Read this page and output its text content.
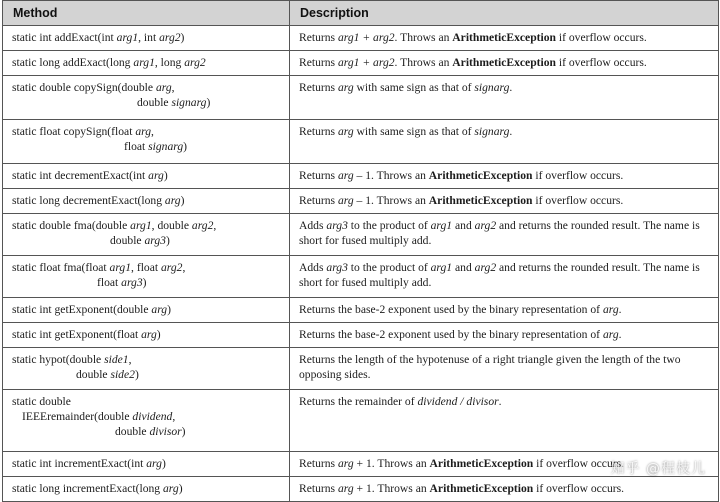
Method	Description
static int addExact(int arg1, int arg2)	Returns arg1 + arg2. Throws an ArithmeticException if overflow occurs.
static long addExact(long arg1, long arg2	Returns arg1 + arg2. Throws an ArithmeticException if overflow occurs.

static double copySign(double arg,
double signarg)	Returns arg with same sign as that of signarg.

static float copySign(float arg,
float signarg)	Returns arg with same sign as that of signarg.
static int decrementExact(int arg)	Returns arg – 1. Throws an ArithmeticException if overflow occurs.
static long decrementExact(long arg)	Returns arg – 1. Throws an ArithmeticException if overflow occurs.

static double fma(double arg1, double arg2,
double arg3)	Adds arg3 to the product of arg1 and arg2 and returns the rounded result. The name is short for fused multiply add.

static float fma(float arg1, float arg2,
float arg3)	Adds arg3 to the product of arg1 and arg2 and returns the rounded result. The name is short for fused multiply add.
static int getExponent(double arg)	Returns the base-2 exponent used by the binary representation of arg.
static int getExponent(float arg)	Returns the base-2 exponent used by the binary representation of arg.

static hypot(double side1,
double side2)	Returns the length of the hypotenuse of a right triangle given the length of the two opposing sides.

static double
IEEEremainder(double dividend,
double divisor)	Returns the remainder of dividend / divisor.
static int incrementExact(int arg)	Returns arg + 1. Throws an ArithmeticException if overflow occurs.
static long incrementExact(long arg)	Returns arg + 1. Throws an ArithmeticException if overflow occurs.
知乎 @程枝儿
